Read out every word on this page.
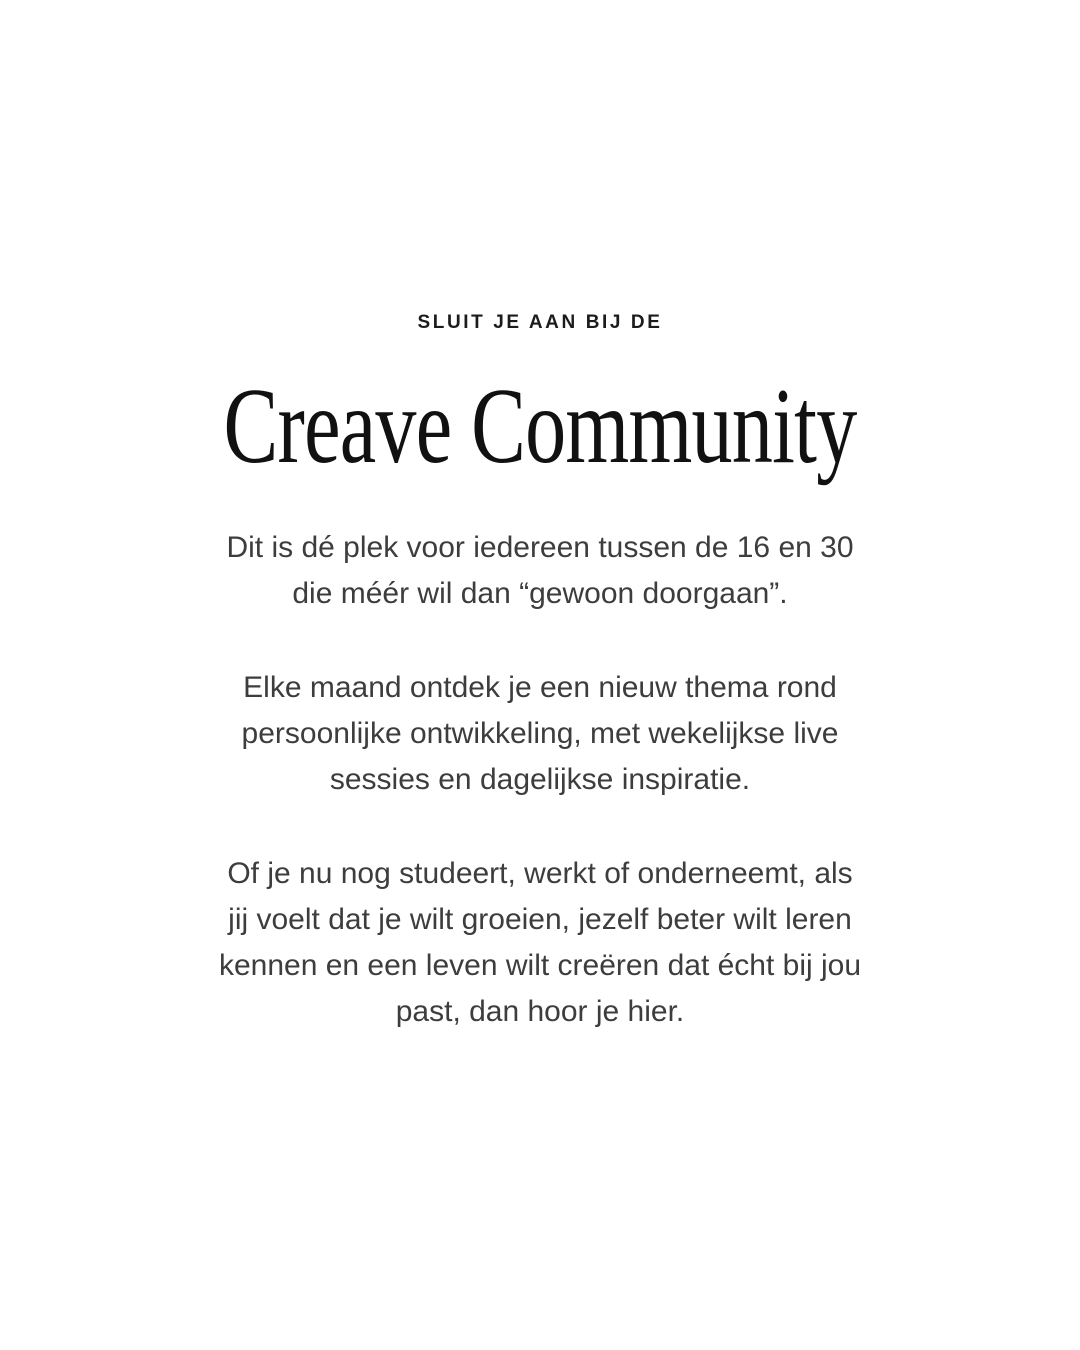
SLUIT JE AAN BIJ DE
Creave Community

Dit is dé plek voor iedereen tussen de 16 en 30
die méér wil dan “gewoon doorgaan”.

Elke maand ontdek je een nieuw thema rond
persoonlijke ontwikkeling, met wekelijkse live
sessies en dagelijkse inspiratie.

Of je nu nog studeert, werkt of onderneemt, als
jij voelt dat je wilt groeien, jezelf beter wilt leren
kennen en een leven wilt creëren dat écht bij jou
past, dan hoor je hier.
